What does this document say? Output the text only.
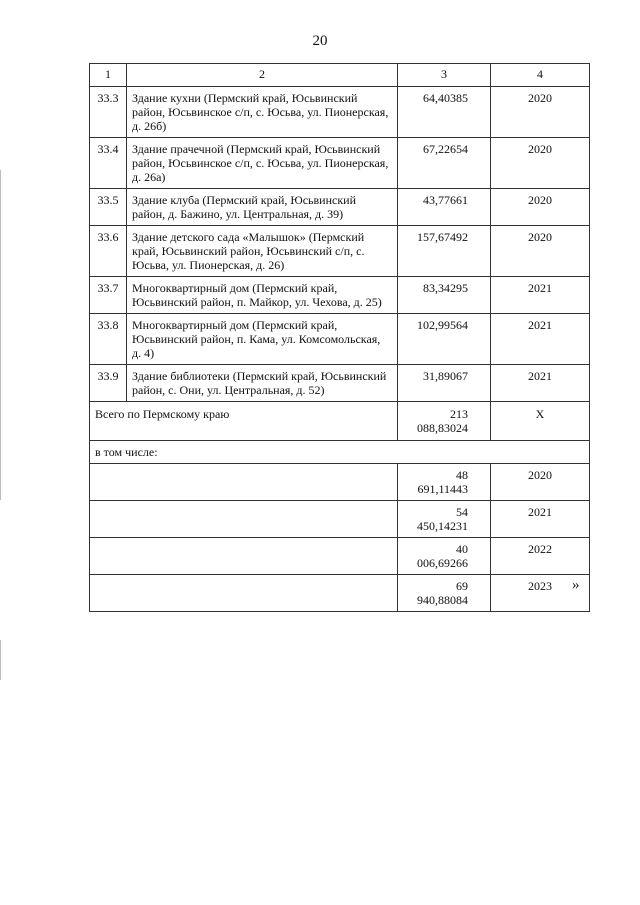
20
1	2	3	4
33.3	Здание кухни (Пермский край, Юсьвинский район, Юсьвинское с/п, с. Юсьва, ул. Пионерская, д. 26б)	64,40385	2020
33.4	Здание прачечной (Пермский край, Юсьвинский район, Юсьвинское с/п, с. Юсьва, ул. Пионерская, д. 26а)	67,22654	2020
33.5	Здание клуба (Пермский край, Юсьвинский район, д. Бажино, ул. Центральная, д. 39)	43,77661	2020
33.6	Здание детского сада «Малышок» (Пермский край, Юсьвинский район, Юсьвинский с/п, с. Юсьва, ул. Пионерская, д. 26)	157,67492	2020
33.7	Многоквартирный дом (Пермский край, Юсьвинский район, п. Майкор, ул. Чехова, д. 25)	83,34295	2021
33.8	Многоквартирный дом (Пермский край, Юсьвинский район, п. Кама, ул. Комсомольская, д. 4)	102,99564	2021
33.9	Здание библиотеки (Пермский край, Юсьвинский район, с. Они, ул. Центральная, д. 52)	31,89067	2021
Всего по Пермскому краю		213 088,83024	X
в том числе:			
		48 691,11443	2020
		54 450,14231	2021
		40 006,69266	2022
		69 940,88084	2023 »
